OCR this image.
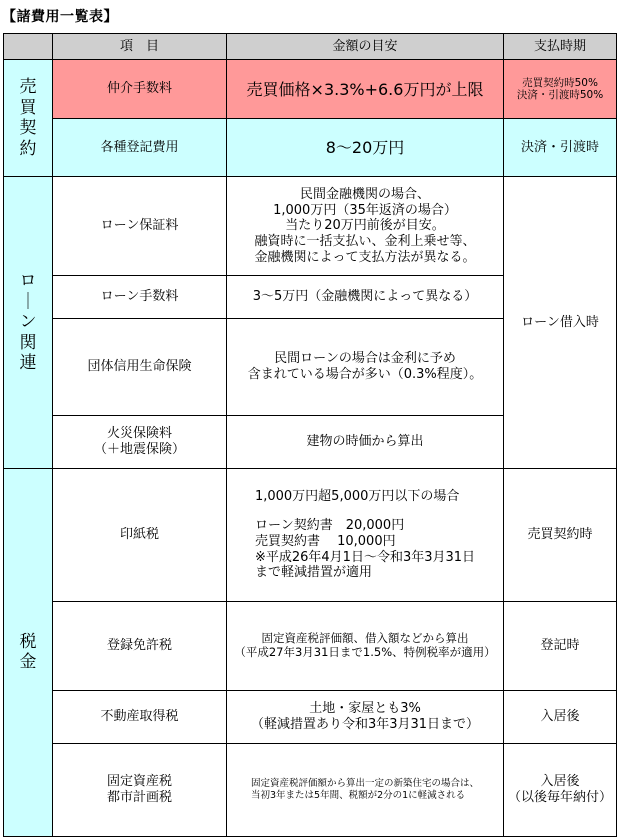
【諸費用一覧表】
	項　目	金額の目安	支払時期

売
買
契
約	仲介手数料	売買価格×3.3%+6.6万円が上限	売買契約時50%
決済・引渡時50%

	各種登記費用	8～20万円	決済・引渡時

ロ
｜
ン
関
連	ローン保証料	民間金融機関の場合、
1,000万円（35年返済の場合）
当たり20万円前後が目安。
融資時に一括支払い、金利上乗せ等、
金融機関によって支払方法が異なる。	ローン借入時
	ローン手数料	3～5万円（金融機関によって異なる）	
	団体信用生命保険	民間ローンの場合は金利に予め
含まれている場合が多い（0.3%程度）。	

	火災保険料
（＋地震保険）	建物の時価から算出	

税
金	印紙税	1,000万円超5,000万円以下の場合
ローン契約書　20,000円
売買契約書　 10,000円
※平成26年4月1日～令和3年3月31日
まで軽減措置が適用	売買契約時
	登録免許税	固定資産税評価額、借入額などから算出
（平成27年3月31日まで1.5%、特例税率が適用）	登記時
	不動産取得税	土地・家屋とも3%
（軽減措置あり令和3年3月31日まで）	入居後

	固定資産税
都市計画税	固定資産税評価額から算出一定の新築住宅の場合は、
当初3年または5年間、税額が2分の1に軽減される	入居後
（以後毎年納付）
